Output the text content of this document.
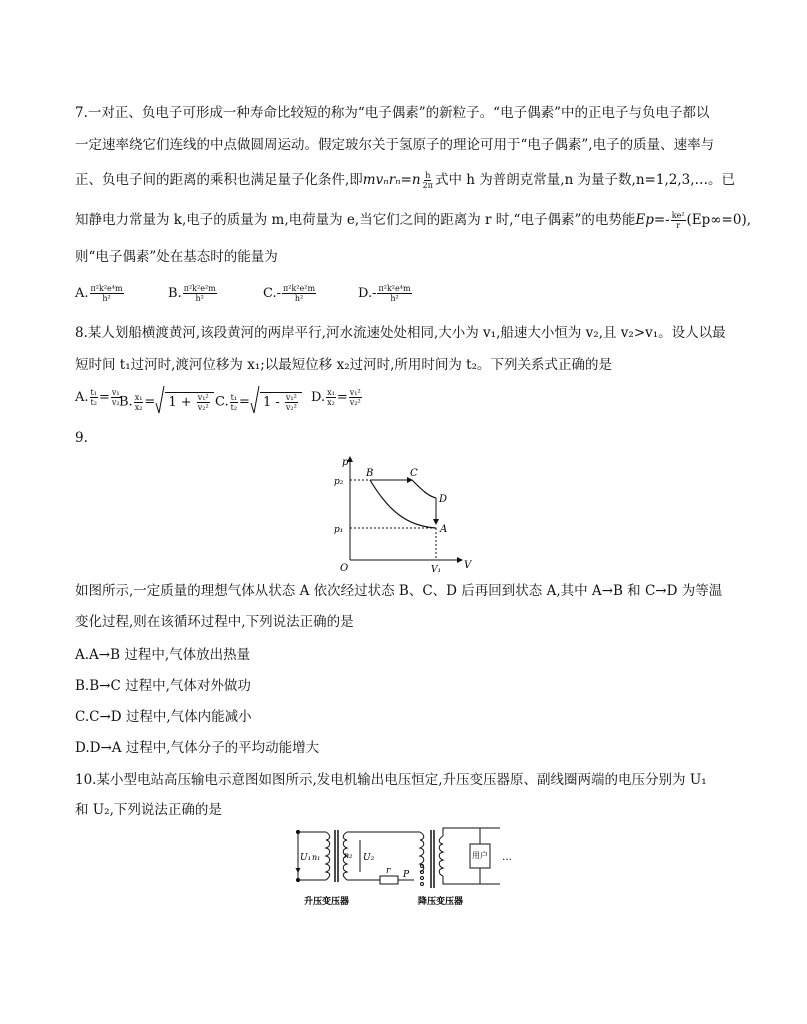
7.一对正、负电子可形成一种寿命比较短的称为“电子偶素”的新粒子。“电子偶素”中的正电子与负电子都以
一定速率绕它们连线的中点做圆周运动。假定玻尔关于氢原子的理论可用于“电子偶素”,电子的质量、速率与
正、负电子间的距离的乘积也满足量子化条件,即$mv_nr_n=n \frac{h}{2\pi}$ 式中 h 为普朗克常量,n 为量子数,n=1,2,3,…。已
知静电力常量为 k,电子的质量为 m,电荷量为 e,当它们之间的距离为 r 时,“电子偶素”的电势能$Ep=- \frac{\text{ke²}}{r} (Ep\infty=0)$,
则“电子偶素”处在基态时的能量为
A. $\frac{\text{π²k²e⁴m}}{\text{h²}}$	B. $\frac{\text{π²k²e²m}}{\text{h²}}$	$C.- \frac{\text{π²k²e²m}}{\text{h²}}$	$D.- \frac{\text{π²k²e⁴m}}{\text{h²}}$
8.某人划船横渡黄河,该段黄河的两岸平行,河水流速处处相同,大小为 v₁,船速大小恒为 v₂,且 v₂>v₁。设人以最
短时间 t₁过河时,渡河位移为 x₁;以最短位移 x₂过河时,所用时间为 t₂。下列关系式正确的是
A. $\frac{\text{t₁}}{\text{t₂}} = \frac{\text{v₁}}{\text{v₂}}$
B. $\frac{\text{x₁}}{\text{x₂}} = 1 + \frac{\text{v₁²}}{\text{v₂²}} C$. $\frac{\text{t₁}}{\text{t₂}} = 1 - \frac{\text{v₁²}}{\text{v₂²}} D$. $\frac{\text{x₁}}{\text{x₂}} = \frac{\text{v₁²}}{\text{v₂²}}$
9.
p
V
O
p₁
p₂
V₁
A
B	C
D
如图所示,一定质量的理想气体从状态 A 依次经过状态 B、C、D 后再回到状态 A,其中 A→B 和 C→D 为等温
变化过程,则在该循环过程中,下列说法正确的是
A.A→B 过程中,气体放出热量
B.B→C 过程中,气体对外做功
C.C→D 过程中,气体内能减小
D.D→A 过程中,气体分子的平均动能增大
10.某小型电站高压输电示意图如图所示,发电机输出电压恒定,升压变压器原、副线圈两端的电压分别为 U₁
和 U₂,下列说法正确的是
U₁ n₁	n₂ U₂
r P
用户 …
升压变压器	降压变压器
